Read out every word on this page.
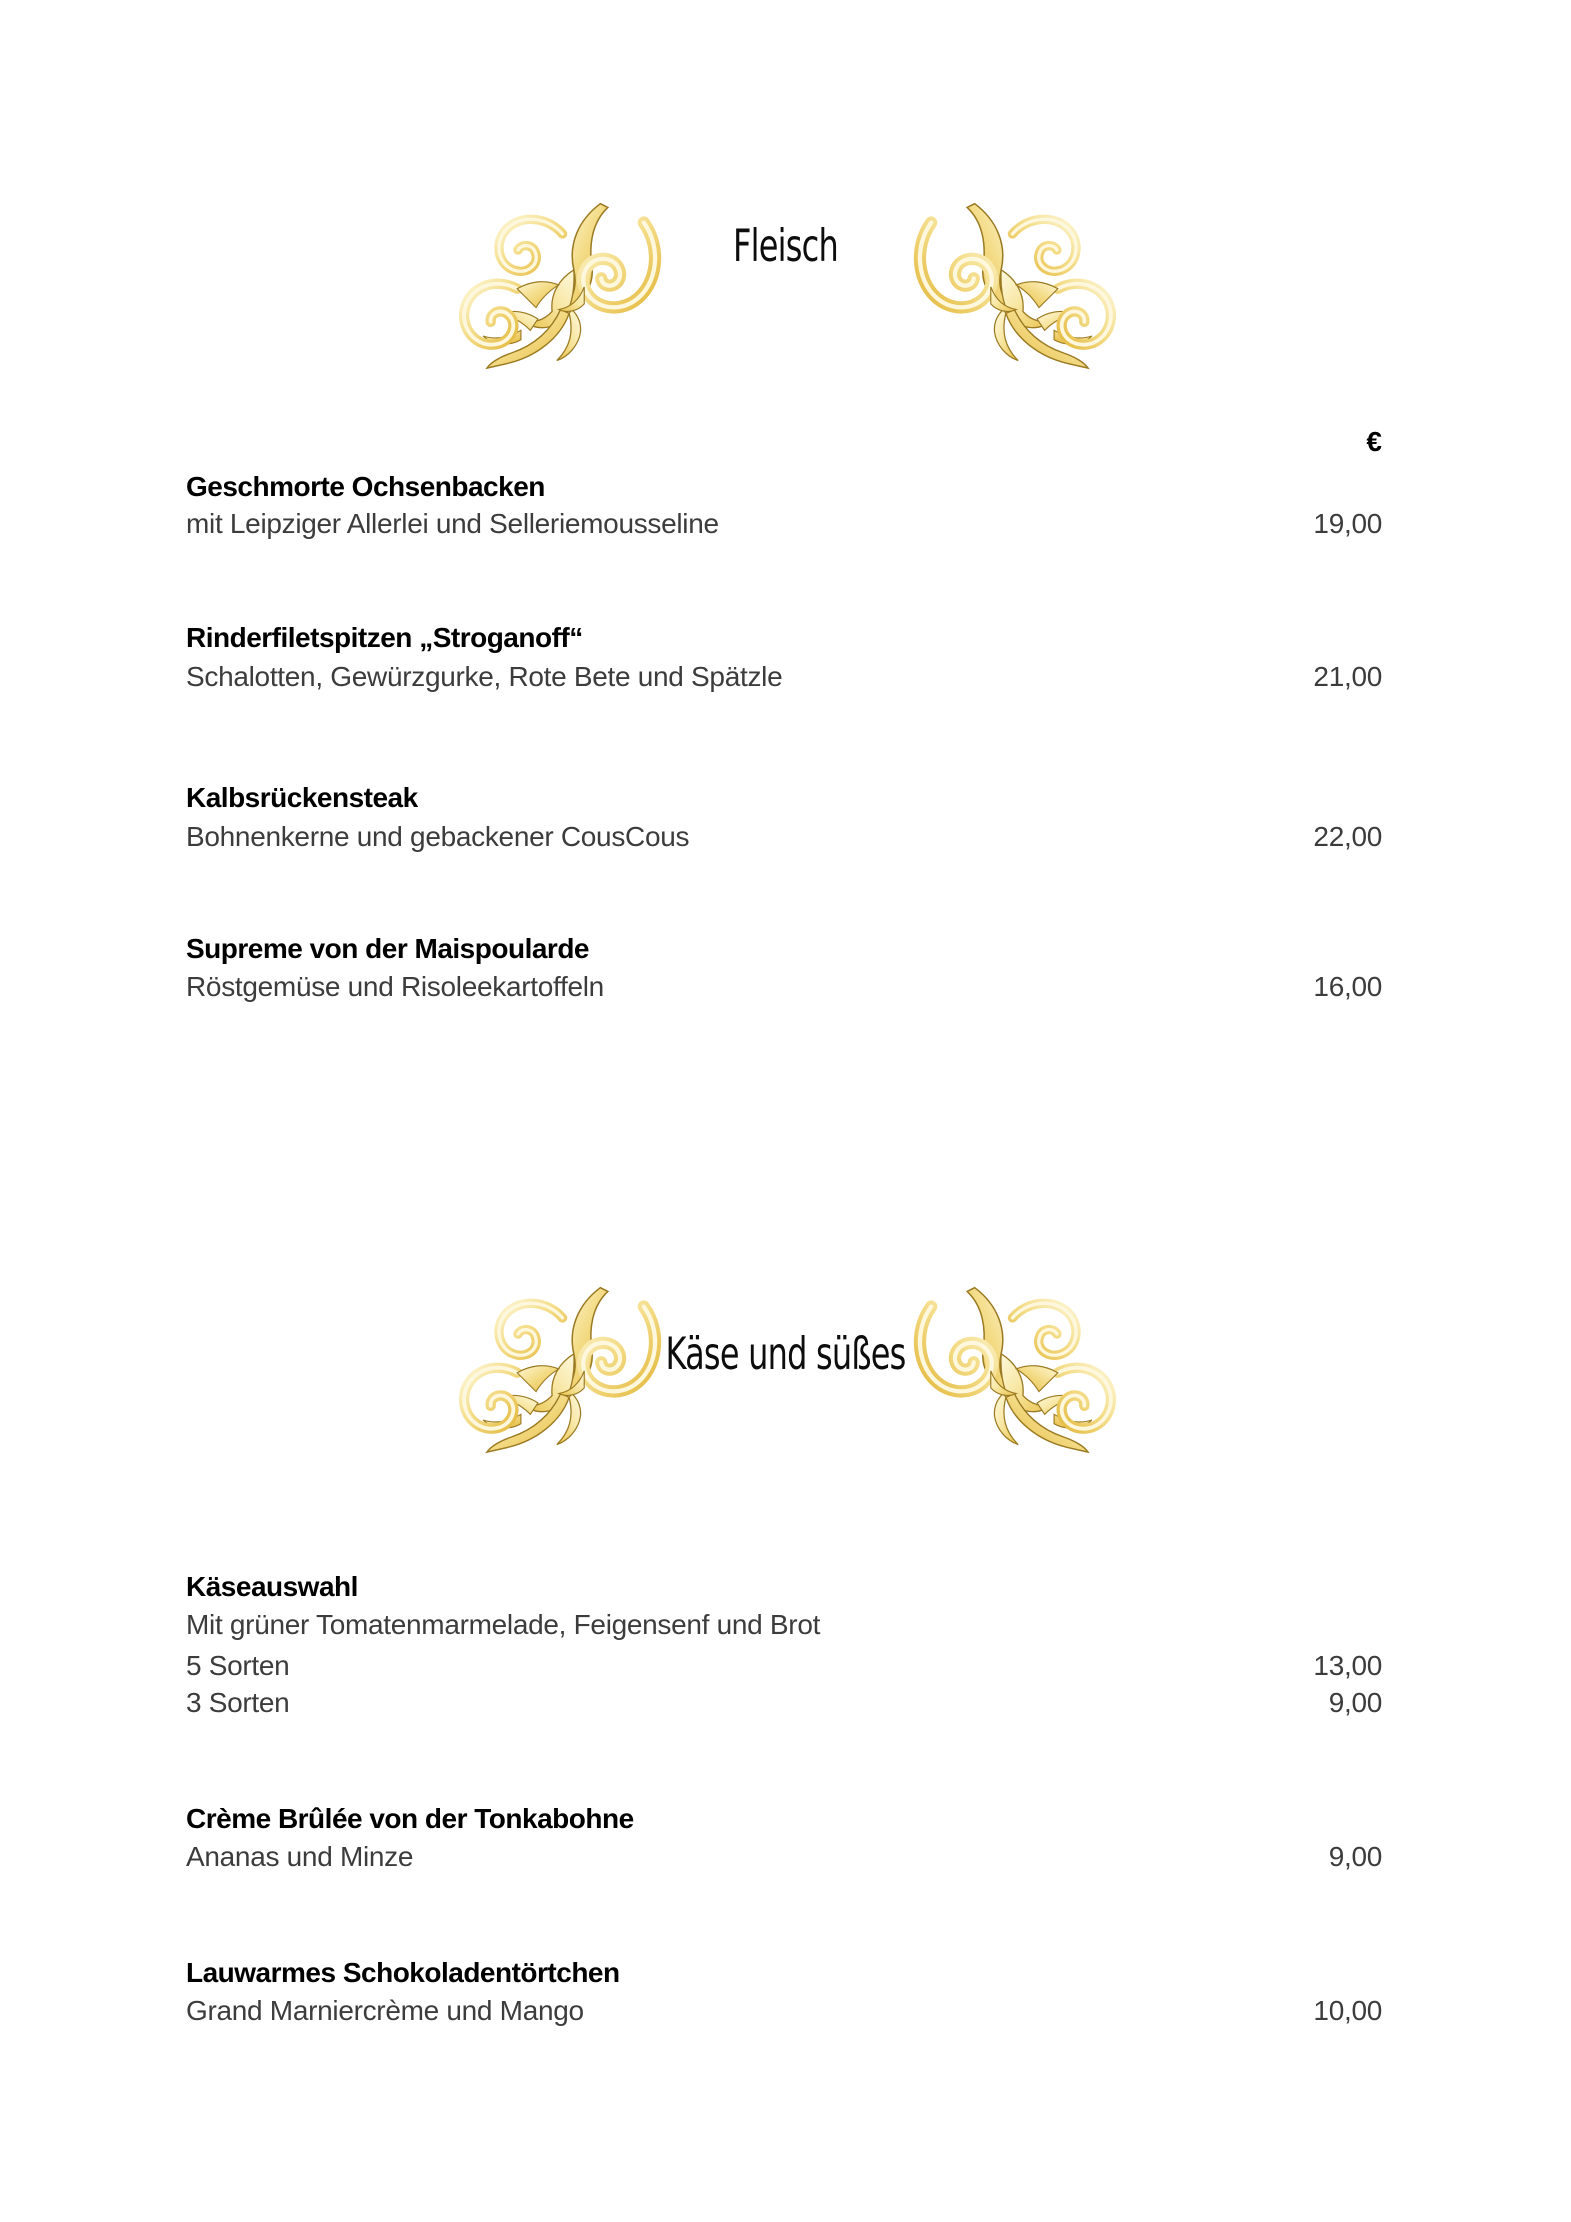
Fleisch
€
Geschmorte Ochsenbacken
mit Leipziger Allerlei und Selleriemousseline	19,00
Rinderfiletspitzen „Stroganoff“
Schalotten, Gewürzgurke, Rote Bete und Spätzle	21,00
Kalbsrückensteak
Bohnenkerne und gebackener CousCous	22,00
Supreme von der Maispoularde
Röstgemüse und Risoleekartoffeln	16,00
Käse und süßes
Käseauswahl
Mit grüner Tomatenmarmelade, Feigensenf und Brot
5 Sorten	13,00
3 Sorten	9,00
Crème Brûlée von der Tonkabohne
Ananas und Minze	9,00
Lauwarmes Schokoladentörtchen
Grand Marniercrème und Mango	10,00
